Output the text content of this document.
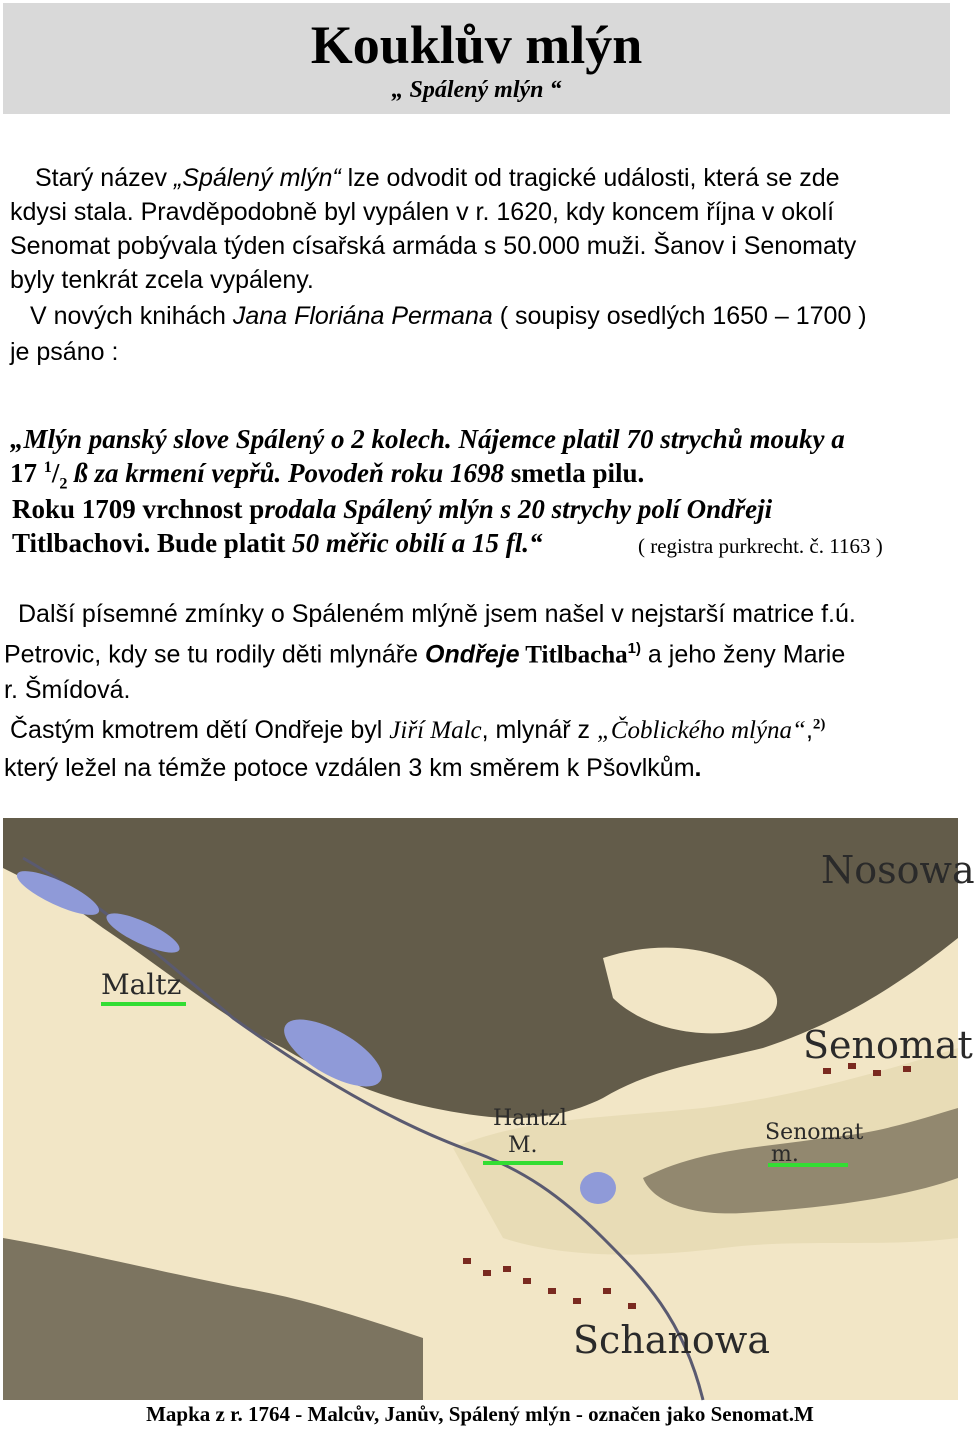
Kouklův mlýn
„ Spálený mlýn “
Starý název „Spálený mlýn“ lze odvodit od tragické události, která se zde
kdysi stala. Pravděpodobně byl vypálen v r. 1620, kdy koncem října v okolí
Senomat pobývala týden císařská armáda s 50.000 muži. Šanov i Senomaty
byly tenkrát zcela vypáleny.
V nových knihách Jana Floriána Permana ( soupisy osedlých 1650 – 1700 )
je psáno :
„Mlýn panský slove Spálený o 2 kolech. Nájemce platil 70 strychů mouky a
17 $^1/_2$ ß za krmení vepřů. Povodeň roku 1698 smetla pilu.
Roku 1709 vrchnost prodala Spálený mlýn s 20 strychy polí Ondřeji
Titlbachovi. Bude platit 50 měřic obilí a 15 fl.“	( registra purkrecht. č. 1163 )
Další písemné zmínky o Spáleném mlýně jsem našel v nejstarší matrice f.ú.
Petrovic, kdy se tu rodily děti mlynáře Ondřeje Titlbacha$^{1)}$ a jeho ženy Marie
r. Šmídová.
Častým kmotrem dětí Ondřeje byl Jiří Malc, mlynář z „Čoblického mlýna“,$^{2)}$
který ležel na témže potoce vzdálen 3 km směrem k Pšovlkům.
Nosowa
Maltz
Senomat
Hantzl
M.
Senomat
m.
Schanowa
Mapka z r. 1764 - Malcův, Janův, Spálený mlýn - označen jako Senomat.M
